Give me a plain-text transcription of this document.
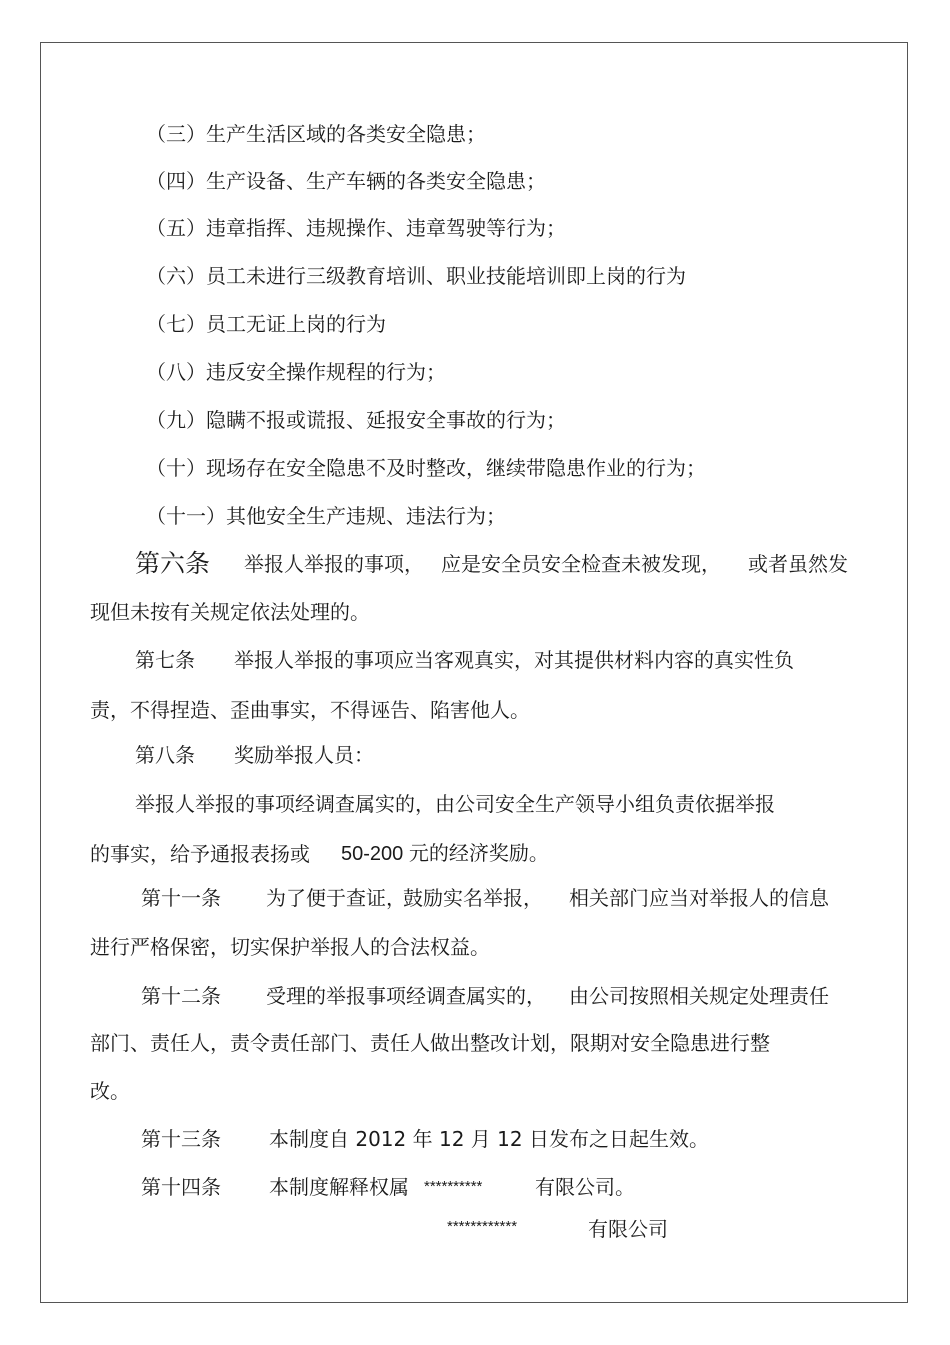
（三）生产生活区域的各类安全隐患；
（四）生产设备、生产车辆的各类安全隐患；
（五）违章指挥、违规操作、违章驾驶等行为；
（六）员工未进行三级教育培训、职业技能培训即上岗的行为
（七）员工无证上岗的行为
（八）违反安全操作规程的行为；
（九）隐瞒不报或谎报、延报安全事故的行为；
（十）现场存在安全隐患不及时整改，继续带隐患作业的行为；
（十一）其他安全生产违规、违法行为；
第六条 举报人举报的事项， 应是安全员安全检查未被发现， 或者虽然发
现但未按有关规定依法处理的。
第七条 举报人举报的事项应当客观真实，对其提供材料内容的真实性负
责，不得捏造、歪曲事实，不得诬告、陷害他人。
第八条 奖励举报人员：
举报人举报的事项经调查属实的，由公司安全生产领导小组负责依据举报
的事实，给予通报表扬或 50-200 元的经济奖励。
第十一条 为了便于查证，
鼓励实名举报， 相关部门应当对举报人的信息
进行严格保密，切实保护举报人的合法权益。
第十二条 受理的举报事项经调查属实的， 由公司按照相关规定处理责任
部门、责任人，责令责任部门、责任人做出整改计划，限期对安全隐患进行整
改。
第十三条 本制度自 2012 年 12 月 12 日发布之日起生效。
第十四条 本制度解释权属 **********	有限公司。
************	有限公司
